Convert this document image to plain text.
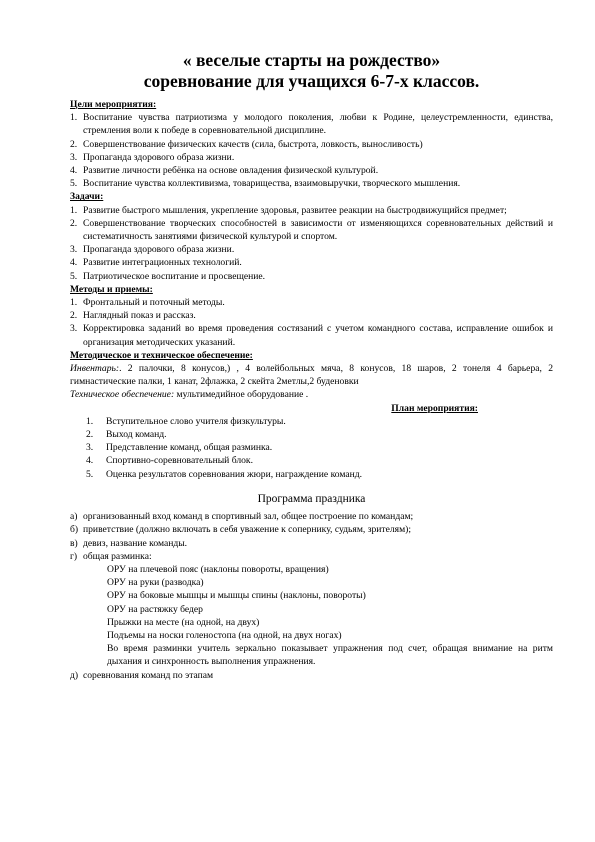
« веселые старты на рождество»
соревнование для учащихся 6-7-х классов.

Цели мероприятия:

1. Воспитание чувства патриотизма у молодого поколения, любви к Родине, целеустремленности, единства, стремления воли к победе в соревновательной дисциплине.
2. Совершенствование физических качеств (сила, быстрота, ловкость, выносливость)
3. Пропаганда здорового образа жизни.
4. Развитие личности ребёнка на основе овладения физической культурой.
5. Воспитание чувства коллективизма, товарищества, взаимовыручки, творческого мышления.

Задачи:

1. Развитие быстрого мышления, укрепление здоровья, развитее реакции на быстродвижущийся предмет;
2. Совершенствование творческих способностей в зависимости от изменяющихся соревновательных действий и систематичность занятиями физической культурой и спортом.
3. Пропаганда здорового образа жизни.
4. Развитие интеграционных технологий.
5. Патриотическое воспитание и просвещение.

Методы и приемы:

1. Фронтальный и поточный методы.
2. Наглядный показ и рассказ.
3. Корректировка заданий во время проведения состязаний с учетом командного состава, исправление ошибок и организация методических указаний.

Методическое и техническое обеспечение:

Инвентарь:. 2 палочки, 8 конусов,) , 4 волейбольных мяча, 8 конусов, 18 шаров, 2 тонеля 4 барьера, 2 гимнастические палки, 1 канат, 2флажка, 2 скейта 2метлы,2 буденовки

Техническое обеспечение: мультимедийное оборудование .

План мероприятия:

1.	Вступительное слово учителя физкультуры.
2.	Выход команд.
3.	Представление команд, общая разминка.
4.	Спортивно-соревновательный блок.
5.	Оценка результатов соревнования жюри, награждение команд.

Программа праздника

а) организованный вход команд в спортивный зал, общее построение по командам;
б) приветствие (должно включать в себя уважение к сопернику, судьям, зрителям);
в) девиз, название команды.
г) общая разминка:

ОРУ на плечевой пояс (наклоны повороты, вращения)

ОРУ на руки (разводка)

ОРУ на боковые мышцы и мышцы спины (наклоны, повороты)

ОРУ на растяжку бедер

Прыжки на месте (на одной, на двух)

Подъемы на носки голеностопа (на одной, на двух ногах)

Во время разминки учитель зеркально показывает упражнения под счет, обращая внимание на ритм дыхания и синхронность выполнения упражнения.

д) соревнования команд по этапам
